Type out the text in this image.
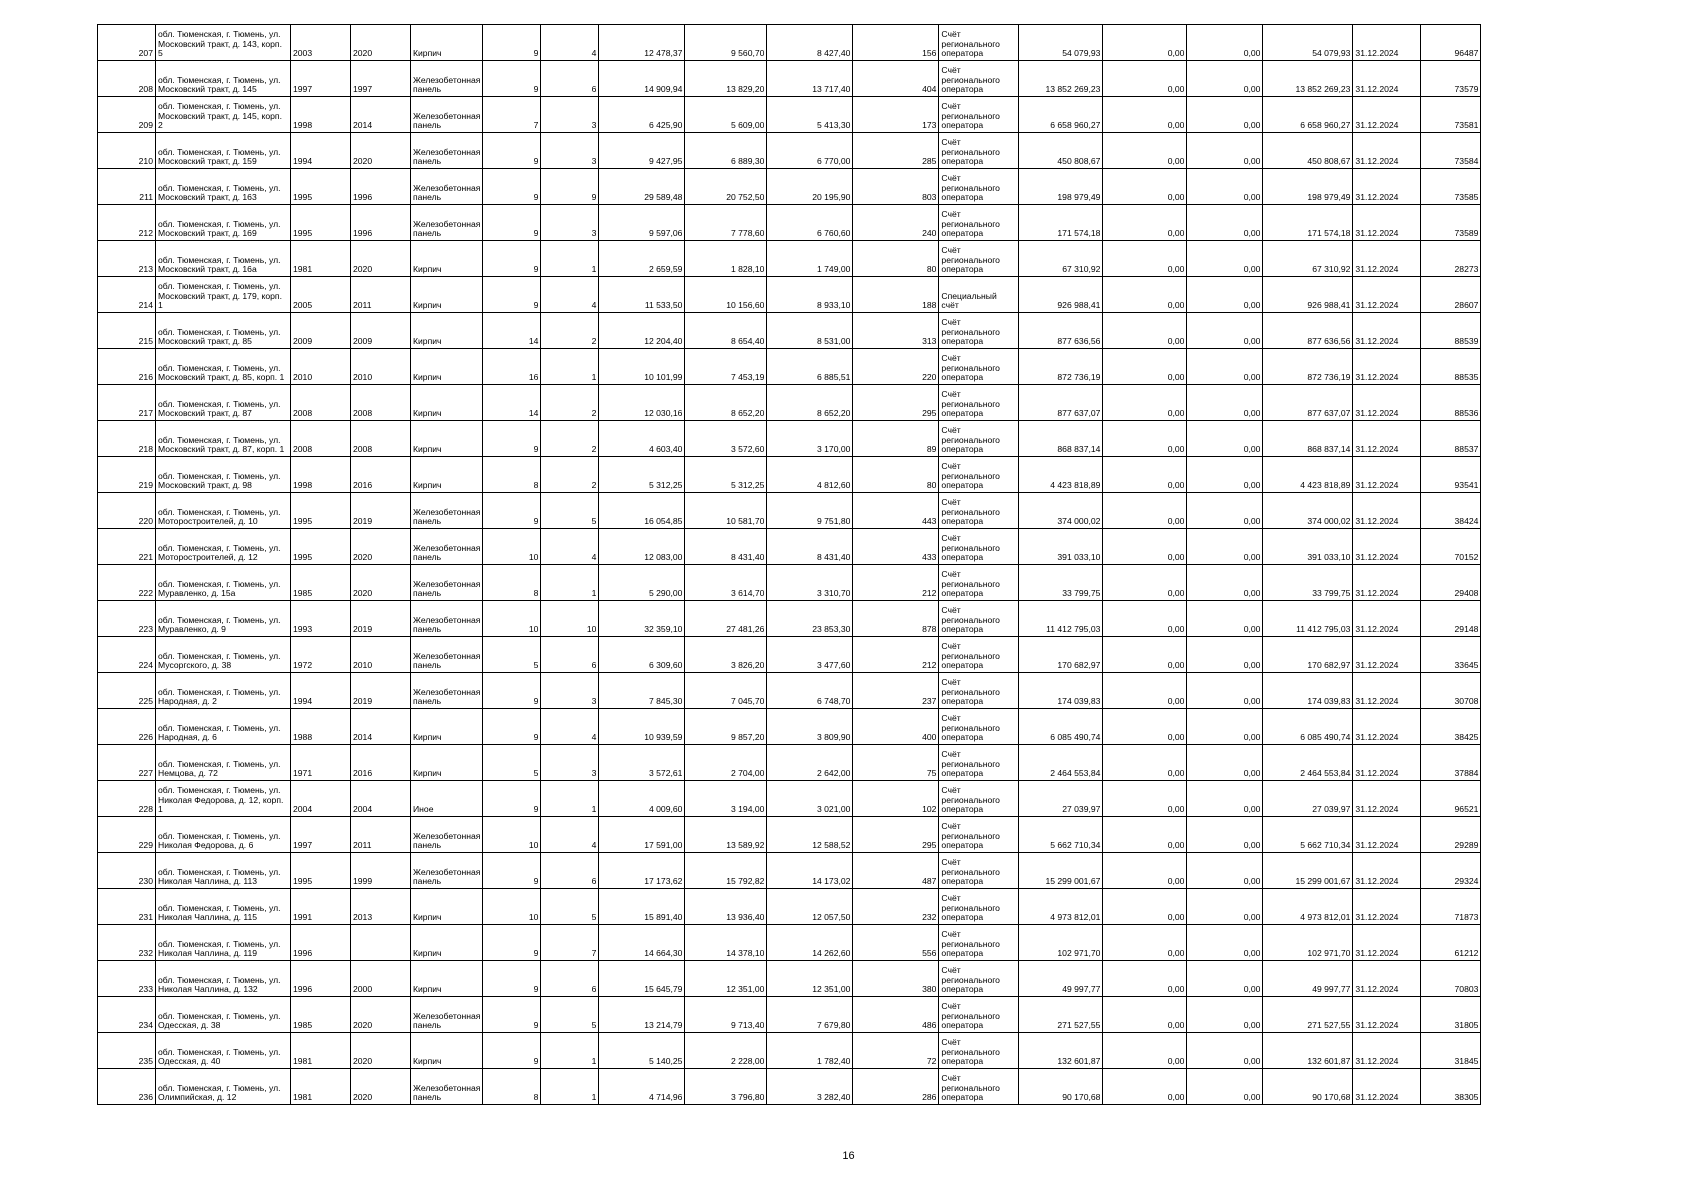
207	обл. Тюменская, г. Тюмень, ул. Московский тракт, д. 143, корп. 5	2003	2020	Кирпич	9	4	12 478,37	9 560,70	8 427,40	156	Счёт регионального оператора	54 079,93	0,00	0,00	54 079,93	31.12.2024	96487
208	обл. Тюменская, г. Тюмень, ул. Московский тракт, д. 145	1997	1997	Железобетонная панель	9	6	14 909,94	13 829,20	13 717,40	404	Счёт регионального оператора	13 852 269,23	0,00	0,00	13 852 269,23	31.12.2024	73579
209	обл. Тюменская, г. Тюмень, ул. Московский тракт, д. 145, корп. 2	1998	2014	Железобетонная панель	7	3	6 425,90	5 609,00	5 413,30	173	Счёт регионального оператора	6 658 960,27	0,00	0,00	6 658 960,27	31.12.2024	73581
210	обл. Тюменская, г. Тюмень, ул. Московский тракт, д. 159	1994	2020	Железобетонная панель	9	3	9 427,95	6 889,30	6 770,00	285	Счёт регионального оператора	450 808,67	0,00	0,00	450 808,67	31.12.2024	73584
211	обл. Тюменская, г. Тюмень, ул. Московский тракт, д. 163	1995	1996	Железобетонная панель	9	9	29 589,48	20 752,50	20 195,90	803	Счёт регионального оператора	198 979,49	0,00	0,00	198 979,49	31.12.2024	73585
212	обл. Тюменская, г. Тюмень, ул. Московский тракт, д. 169	1995	1996	Железобетонная панель	9	3	9 597,06	7 778,60	6 760,60	240	Счёт регионального оператора	171 574,18	0,00	0,00	171 574,18	31.12.2024	73589
213	обл. Тюменская, г. Тюмень, ул. Московский тракт, д. 16а	1981	2020	Кирпич	9	1	2 659,59	1 828,10	1 749,00	80	Счёт регионального оператора	67 310,92	0,00	0,00	67 310,92	31.12.2024	28273
214	обл. Тюменская, г. Тюмень, ул. Московский тракт, д. 179, корп. 1	2005	2011	Кирпич	9	4	11 533,50	10 156,60	8 933,10	188	Специальный счёт	926 988,41	0,00	0,00	926 988,41	31.12.2024	28607
215	обл. Тюменская, г. Тюмень, ул. Московский тракт, д. 85	2009	2009	Кирпич	14	2	12 204,40	8 654,40	8 531,00	313	Счёт регионального оператора	877 636,56	0,00	0,00	877 636,56	31.12.2024	88539
216	обл. Тюменская, г. Тюмень, ул. Московский тракт, д. 85, корп. 1	2010	2010	Кирпич	16	1	10 101,99	7 453,19	6 885,51	220	Счёт регионального оператора	872 736,19	0,00	0,00	872 736,19	31.12.2024	88535
217	обл. Тюменская, г. Тюмень, ул. Московский тракт, д. 87	2008	2008	Кирпич	14	2	12 030,16	8 652,20	8 652,20	295	Счёт регионального оператора	877 637,07	0,00	0,00	877 637,07	31.12.2024	88536
218	обл. Тюменская, г. Тюмень, ул. Московский тракт, д. 87, корп. 1	2008	2008	Кирпич	9	2	4 603,40	3 572,60	3 170,00	89	Счёт регионального оператора	868 837,14	0,00	0,00	868 837,14	31.12.2024	88537
219	обл. Тюменская, г. Тюмень, ул. Московский тракт, д. 98	1998	2016	Кирпич	8	2	5 312,25	5 312,25	4 812,60	80	Счёт регионального оператора	4 423 818,89	0,00	0,00	4 423 818,89	31.12.2024	93541
220	обл. Тюменская, г. Тюмень, ул. Моторостроителей, д. 10	1995	2019	Железобетонная панель	9	5	16 054,85	10 581,70	9 751,80	443	Счёт регионального оператора	374 000,02	0,00	0,00	374 000,02	31.12.2024	38424
221	обл. Тюменская, г. Тюмень, ул. Моторостроителей, д. 12	1995	2020	Железобетонная панель	10	4	12 083,00	8 431,40	8 431,40	433	Счёт регионального оператора	391 033,10	0,00	0,00	391 033,10	31.12.2024	70152
222	обл. Тюменская, г. Тюмень, ул. Муравленко, д. 15а	1985	2020	Железобетонная панель	8	1	5 290,00	3 614,70	3 310,70	212	Счёт регионального оператора	33 799,75	0,00	0,00	33 799,75	31.12.2024	29408
223	обл. Тюменская, г. Тюмень, ул. Муравленко, д. 9	1993	2019	Железобетонная панель	10	10	32 359,10	27 481,26	23 853,30	878	Счёт регионального оператора	11 412 795,03	0,00	0,00	11 412 795,03	31.12.2024	29148
224	обл. Тюменская, г. Тюмень, ул. Мусоргского, д. 38	1972	2010	Железобетонная панель	5	6	6 309,60	3 826,20	3 477,60	212	Счёт регионального оператора	170 682,97	0,00	0,00	170 682,97	31.12.2024	33645
225	обл. Тюменская, г. Тюмень, ул. Народная, д. 2	1994	2019	Железобетонная панель	9	3	7 845,30	7 045,70	6 748,70	237	Счёт регионального оператора	174 039,83	0,00	0,00	174 039,83	31.12.2024	30708
226	обл. Тюменская, г. Тюмень, ул. Народная, д. 6	1988	2014	Кирпич	9	4	10 939,59	9 857,20	3 809,90	400	Счёт регионального оператора	6 085 490,74	0,00	0,00	6 085 490,74	31.12.2024	38425
227	обл. Тюменская, г. Тюмень, ул. Немцова, д. 72	1971	2016	Кирпич	5	3	3 572,61	2 704,00	2 642,00	75	Счёт регионального оператора	2 464 553,84	0,00	0,00	2 464 553,84	31.12.2024	37884
228	обл. Тюменская, г. Тюмень, ул. Николая Федорова, д. 12, корп. 1	2004	2004	Иное	9	1	4 009,60	3 194,00	3 021,00	102	Счёт регионального оператора	27 039,97	0,00	0,00	27 039,97	31.12.2024	96521
229	обл. Тюменская, г. Тюмень, ул. Николая Федорова, д. 6	1997	2011	Железобетонная панель	10	4	17 591,00	13 589,92	12 588,52	295	Счёт регионального оператора	5 662 710,34	0,00	0,00	5 662 710,34	31.12.2024	29289
230	обл. Тюменская, г. Тюмень, ул. Николая Чаплина, д. 113	1995	1999	Железобетонная панель	9	6	17 173,62	15 792,82	14 173,02	487	Счёт регионального оператора	15 299 001,67	0,00	0,00	15 299 001,67	31.12.2024	29324
231	обл. Тюменская, г. Тюмень, ул. Николая Чаплина, д. 115	1991	2013	Кирпич	10	5	15 891,40	13 936,40	12 057,50	232	Счёт регионального оператора	4 973 812,01	0,00	0,00	4 973 812,01	31.12.2024	71873
232	обл. Тюменская, г. Тюмень, ул. Николая Чаплина, д. 119	1996		Кирпич	9	7	14 664,30	14 378,10	14 262,60	556	Счёт регионального оператора	102 971,70	0,00	0,00	102 971,70	31.12.2024	61212
233	обл. Тюменская, г. Тюмень, ул. Николая Чаплина, д. 132	1996	2000	Кирпич	9	6	15 645,79	12 351,00	12 351,00	380	Счёт регионального оператора	49 997,77	0,00	0,00	49 997,77	31.12.2024	70803
234	обл. Тюменская, г. Тюмень, ул. Одесская, д. 38	1985	2020	Железобетонная панель	9	5	13 214,79	9 713,40	7 679,80	486	Счёт регионального оператора	271 527,55	0,00	0,00	271 527,55	31.12.2024	31805
235	обл. Тюменская, г. Тюмень, ул. Одесская, д. 40	1981	2020	Кирпич	9	1	5 140,25	2 228,00	1 782,40	72	Счёт регионального оператора	132 601,87	0,00	0,00	132 601,87	31.12.2024	31845
236	обл. Тюменская, г. Тюмень, ул. Олимпийская, д. 12	1981	2020	Железобетонная панель	8	1	4 714,96	3 796,80	3 282,40	286	Счёт регионального оператора	90 170,68	0,00	0,00	90 170,68	31.12.2024	38305
16
